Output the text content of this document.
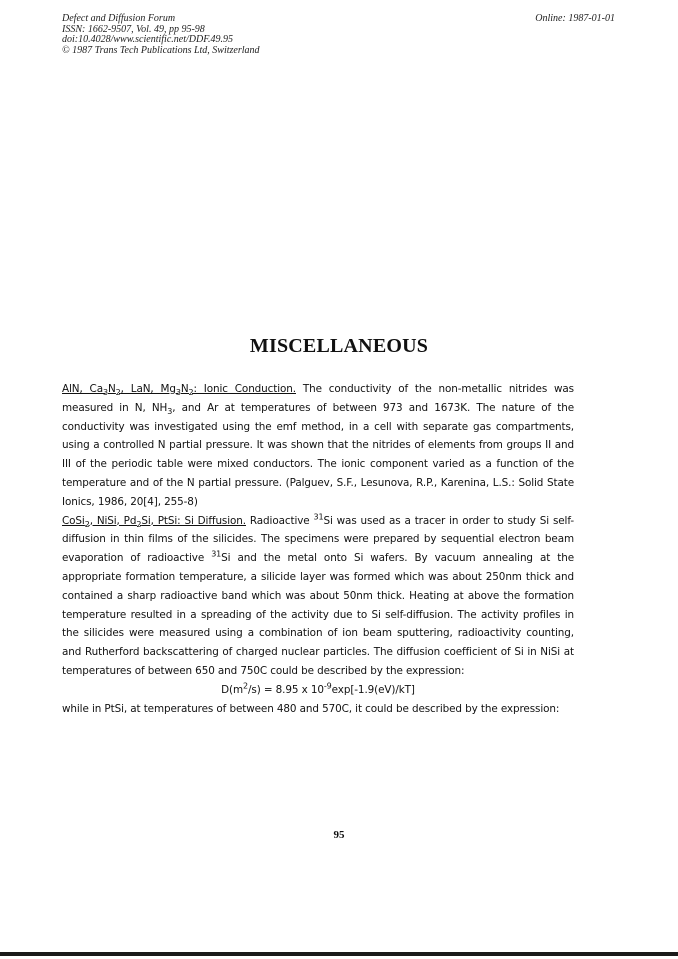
Defect and Diffusion Forum
ISSN: 1662-9507, Vol. 49, pp 95-98
doi:10.4028/www.scientific.net/DDF.49.95
© 1987 Trans Tech Publications Ltd, Switzerland
Online: 1987-01-01
MISCELLANEOUS

AlN, $Ca_3N_2$, LaN, $Mg_3N_2$: Ionic Conduction. The conductivity of the non-metallic nitrides was measured in N, $NH_3$, and Ar at temperatures of between 973 and 1673K. The nature of the conductivity was investigated using the emf method, in a cell with separate gas compartments, using a controlled N partial pressure. It was shown that the nitrides of elements from groups II and III of the periodic table were mixed conductors. The ionic component varied as a function of the temperature and of the N partial pressure. (Palguev, S.F., Lesunova, R.P., Karenina, L.S.: Solid State Ionics, 1986, 20[4], 255-8)

CoSi$_2$, NiSi, $Pd_2Si$, PtSi: Si Diffusion. Radioactive $^{31}$Si was used as a tracer in order to study Si self-diffusion in thin films of the silicides. The specimens were prepared by sequential electron beam evaporation of radioactive $^{31}$Si and the metal onto Si wafers. By vacuum annealing at the appropriate formation temperature, a silicide layer was formed which was about 250nm thick and contained a sharp radioactive band which was about 50nm thick. Heating at above the formation temperature resulted in a spreading of the activity due to Si self-diffusion. The activity profiles in the silicides were measured using a combination of ion beam sputtering, radioactivity counting, and Rutherford backscattering of charged nuclear particles. The diffusion coefficient of Si in NiSi at temperatures of between 650 and 750C could be described by the expression:

$D(m^2/s) = 8.95$ x $10^{-9}\exp[-1.9(eV)/kT]$

while in PtSi, at temperatures of between 480 and 570C, it could be described by the expression:

95
